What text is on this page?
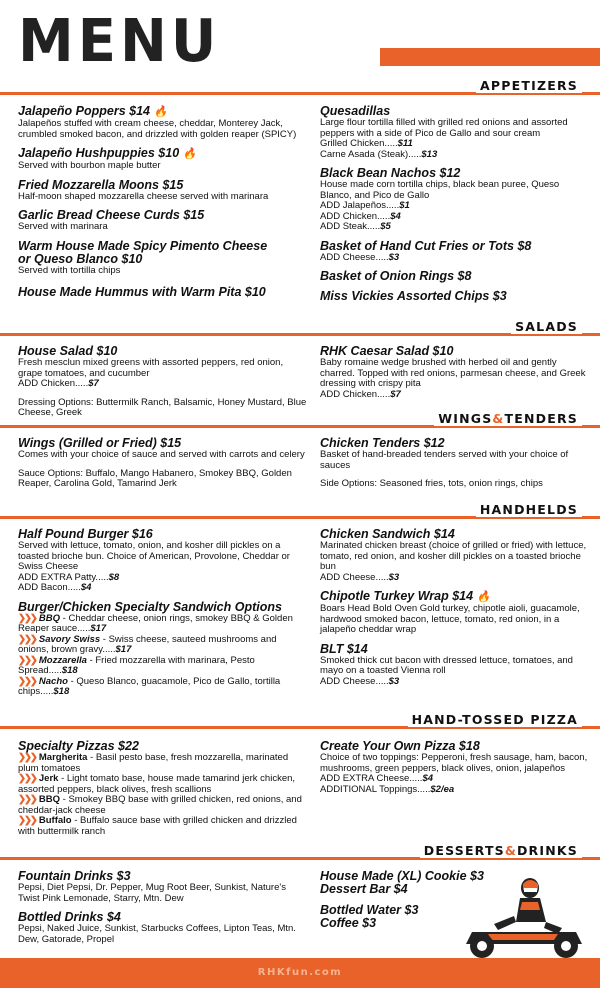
MENU
APPETIZERS
Jalapeño Poppers $14 🔥
Jalapeños stuffed with cream cheese, cheddar, Monterey Jack, crumbled smoked bacon, and drizzled with golden reaper (SPICY)
Jalapeño Hushpuppies $10 🔥
Served with bourbon maple butter
Fried Mozzarella Moons $15
Half-moon shaped mozzarella cheese served with marinara
Garlic Bread Cheese Curds $15
Served with marinara
Warm House Made Spicy Pimento Cheese or Queso Blanco $10
Served with tortilla chips
House Made Hummus with Warm Pita $10
Quesadillas
Large flour tortilla filled with grilled red onions and assorted peppers with a side of Pico de Gallo and sour cream
Grilled Chicken.....$11
Carne Asada (Steak).....$13
Black Bean Nachos $12
House made corn tortilla chips, black bean puree, Queso Blanco, and Pico de Gallo
ADD Jalapeños.....$1
ADD Chicken.....$4
ADD Steak.....$5
Basket of Hand Cut Fries or Tots $8
ADD Cheese.....$3
Basket of Onion Rings $8
Miss Vickies Assorted Chips $3
SALADS
House Salad $10
Fresh mesclun mixed greens with assorted peppers, red onion, grape tomatoes, and cucumber
ADD Chicken.....$7
Dressing Options: Buttermilk Ranch, Balsamic, Honey Mustard, Blue Cheese, Greek
RHK Caesar Salad $10
Baby romaine wedge brushed with herbed oil and gently charred. Topped with red onions, parmesan cheese, and Greek dressing with crispy pita
ADD Chicken.....$7
WINGS&TENDERS
Wings (Grilled or Fried) $15
Comes with your choice of sauce and served with carrots and celery
Sauce Options: Buffalo, Mango Habanero, Smokey BBQ, Golden Reaper, Carolina Gold, Tamarind Jerk
Chicken Tenders $12
Basket of hand-breaded tenders served with your choice of sauces
Side Options: Seasoned fries, tots, onion rings, chips
HANDHELDS
Half Pound Burger $16
Served with lettuce, tomato, onion, and kosher dill pickles on a toasted brioche bun. Choice of American, Provolone, Cheddar or Swiss Cheese
ADD EXTRA Patty.....$8
ADD Bacon.....$4
Burger/Chicken Specialty Sandwich Options
❯❯❯ BBQ - Cheddar cheese, onion rings, smokey BBQ & Golden Reaper sauce.....$17
❯❯❯ Savory Swiss - Swiss cheese, sauteed mushrooms and onions, brown gravy.....$17
❯❯❯ Mozzarella - Fried mozzarella with marinara, Pesto Spread.....$18
❯❯❯ Nacho - Queso Blanco, guacamole, Pico de Gallo, tortilla chips.....$18
Chicken Sandwich $14
Marinated chicken breast (choice of grilled or fried) with lettuce, tomato, red onion, and kosher dill pickles on a toasted brioche bun
ADD Cheese.....$3
Chipotle Turkey Wrap $14 🔥
Boars Head Bold Oven Gold turkey, chipotle aioli, guacamole, hardwood smoked bacon, lettuce, tomato, red onion, in a jalapeño cheddar wrap
BLT $14
Smoked thick cut bacon with dressed lettuce, tomatoes, and mayo on a toasted Vienna roll
ADD Cheese.....$3
HAND-TOSSED PIZZA
Specialty Pizzas $22
❯❯❯ Margherita - Basil pesto base, fresh mozzarella, marinated plum tomatoes
❯❯❯ Jerk - Light tomato base, house made tamarind jerk chicken, assorted peppers, black olives, fresh scallions
❯❯❯ BBQ - Smokey BBQ base with grilled chicken, red onions, and cheddar-jack cheese
❯❯❯ Buffalo - Buffalo sauce base with grilled chicken and drizzled with buttermilk ranch
Create Your Own Pizza $18
Choice of two toppings: Pepperoni, fresh sausage, ham, bacon, mushrooms, green peppers, black olives, onion, jalapeños
ADD EXTRA Cheese.....$4
ADDITIONAL Toppings.....$2/ea
DESSERTS&DRINKS
Fountain Drinks $3
Pepsi, Diet Pepsi, Dr. Pepper, Mug Root Beer, Sunkist, Nature's Twist Pink Lemonade, Starry, Mtn. Dew
Bottled Drinks $4
Pepsi, Naked Juice, Sunkist, Starbucks Coffees, Lipton Teas, Mtn. Dew, Gatorade, Propel
House Made (XL) Cookie $3
Dessert Bar $4
Bottled Water $3
Coffee $3
RHKfun.com
